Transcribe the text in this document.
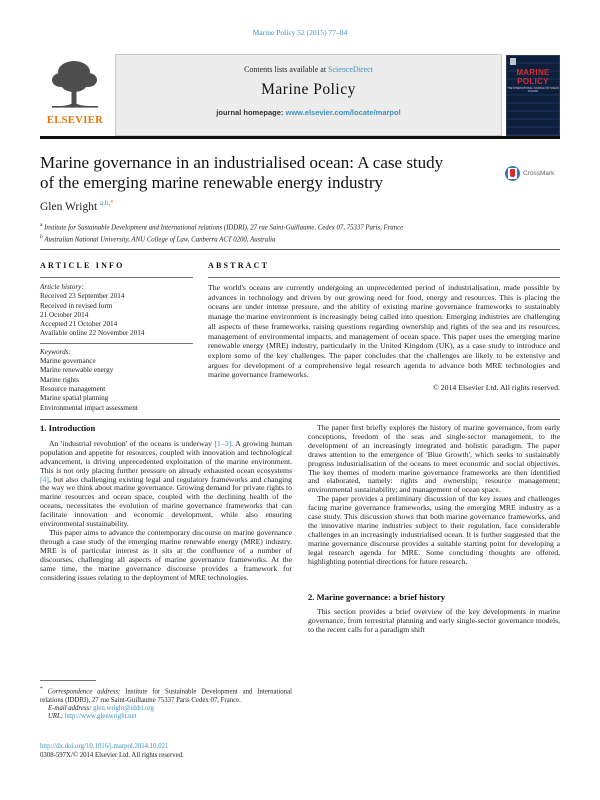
Marine Policy 52 (2015) 77–84
ELSEVIER
Contents lists available at ScienceDirect
Marine Policy
journal homepage: www.elsevier.com/locate/marpol
MARINE
POLICY
THE INTERNATIONAL JOURNAL OF OCEAN AFFAIRS
Marine governance in an industrialised ocean: A case study
of the emerging marine renewable energy industry	CrossMark
Glen Wright $^{a,b,*}$
$^a$ Institute for Sustainable Development and International relations (IDDRI), 27 rue Saint-Guillaume, Cedex 07, 75337 Paris, France
$^b$ Australian National University, ANU College of Law, Canberra ACT 0200, Australia
ARTICLE INFO	ABSTRACT
Article history:
Received 23 September 2014
Received in revised form
21 October 2014
Accepted 21 October 2014
Available online 22 November 2014
Keywords:
Marine governance
Marine renewable energy
Marine rights
Resource management
Marine spatial planning
Environmental impact assessment
The world's oceans are currently undergoing an unprecedented period of industrialisation, made possible by advances in technology and driven by our growing need for food, energy and resources. This is placing the oceans are under intense pressure, and the ability of existing marine governance frameworks to sustainably manage the marine environment is increasingly being called into question. Emerging industries are challenging all aspects of these frameworks, raising questions regarding ownership and rights of the sea and its resources, management of environmental impacts, and management of ocean space. This paper uses the emerging marine renewable energy (MRE) industry, particularly in the United Kingdom (UK), as a case study to introduce and explore some of the key challenges. The paper concludes that the challenges are likely to be extensive and argues for development of a comprehensive legal research agenda to advance both MRE technologies and marine governance frameworks.
© 2014 Elsevier Ltd. All rights reserved.
1. Introduction

An 'industrial revolution' of the oceans is underway [1–3]. A growing human population and appetite for resources, coupled with innovation and technological advancement, is driving unprecedented exploitation of the marine environment. This is not only placing further pressure on already exhausted ocean ecosystems [4], but also challenging existing legal and regulatory frameworks and changing the way we think about marine governance. Growing demand for private rights to marine resources and ocean space, coupled with the declining health of the oceans, necessitates the evolution of marine governance frameworks that can facilitate innovation and economic development, while also ensuring environmental sustainability.

This paper aims to advance the contemporary discourse on marine governance through a case study of the emerging marine renewable energy (MRE) industry. MRE is of particular interest as it sits at the confluence of a number of discourses, challenging all aspects of marine governance frameworks. At the same time, the marine governance discourse provides a framework for considering issues relating to the deployment of MRE technologies.

The paper first briefly explores the history of marine governance, from early conceptions, freedom of the seas and single-sector management, to the development of an increasingly integrated and holistic paradigm. The paper draws attention to the emergence of 'Blue Growth', which seeks to sustainably progress industrialisation of the oceans to meet economic and social objectives. The key themes of modern marine governance frameworks are then identified and elaborated, namely: rights and ownership; resource management; environmental sustainability; and management of ocean space.

The paper provides a preliminary discussion of the key issues and challenges facing marine governance frameworks, using the emerging MRE industry as a case study. This discussion shows that both marine governance frameworks, and the innovative marine industries subject to their regulation, face considerable challenges in an increasingly industrialised ocean. It is further suggested that the marine governance discourse provides a suitable starting point for developing a legal research agenda for MRE. Some concluding thoughts are offered, highlighting potential directions for future research.

2. Marine governance: a brief history

This section provides a brief overview of the key developments in marine governance, from terrestrial planning and early single-sector governance models, to the recent calls for a paradigm shift

* Correspondence address: Institute for Sustainable Development and International relations (IDDRI), 27 rue Saint-Guillaume 75337 Paris Cedex 07, France.
E-mail address: glen.wright@iddri.org
URL: http://www.glenwright.net
http://dx.doi.org/10.1016/j.marpol.2014.10.021
0308-597X/© 2014 Elsevier Ltd. All rights reserved.
